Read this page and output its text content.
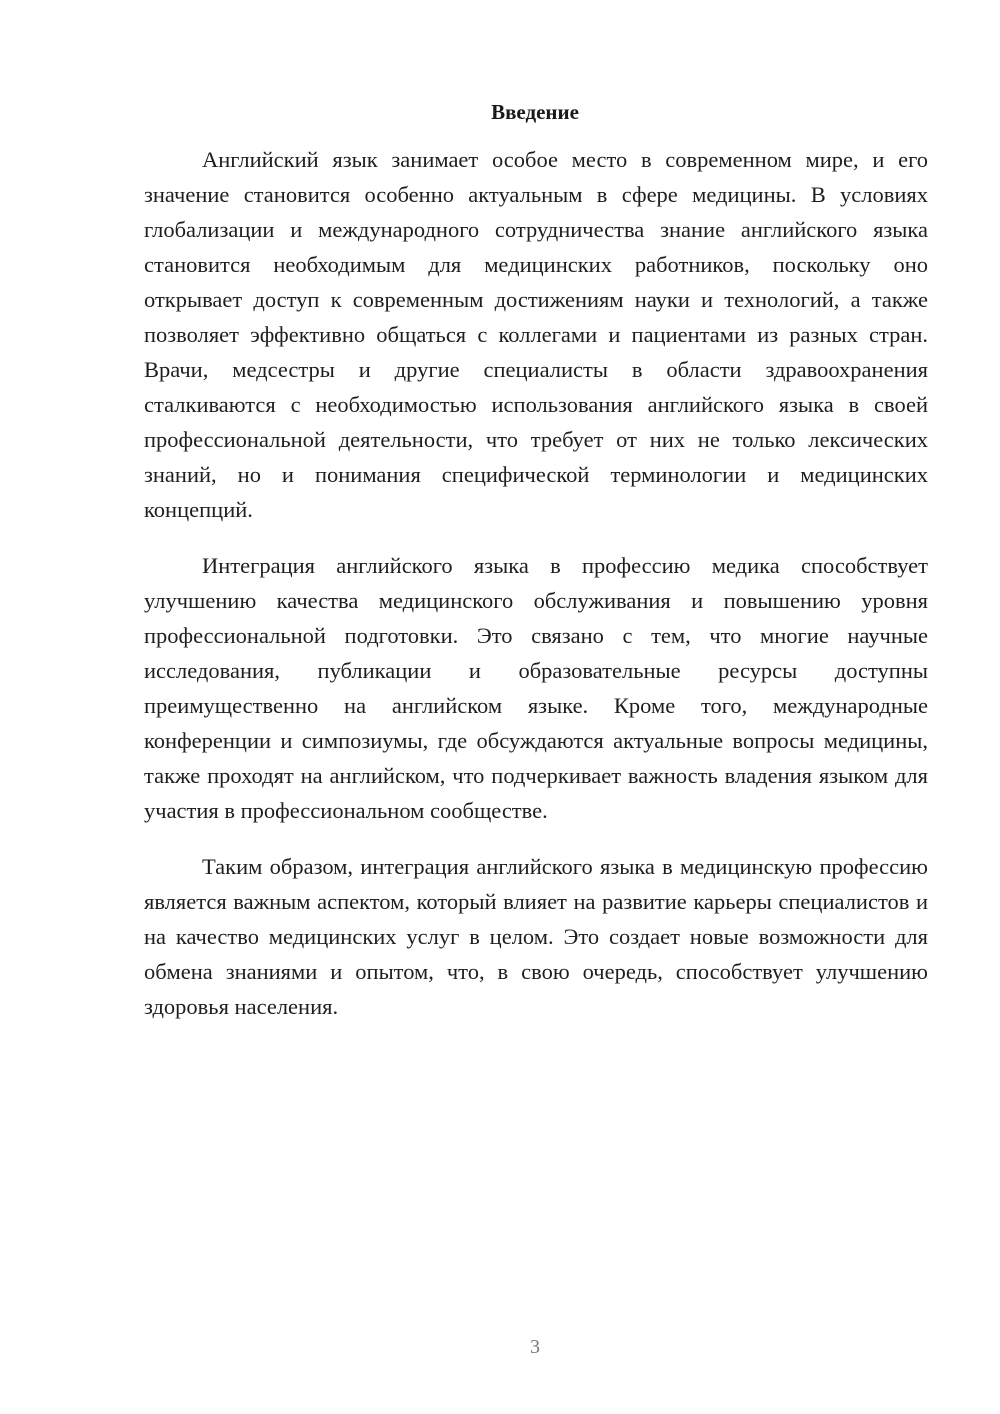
Введение

Английский язык занимает особое место в современном мире, и его значение становится особенно актуальным в сфере медицины. В условиях глобализации и международного сотрудничества знание английского языка становится необходимым для медицинских работников, поскольку оно открывает доступ к современным достижениям науки и технологий, а также позволяет эффективно общаться с коллегами и пациентами из разных стран. Врачи, медсестры и другие специалисты в области здравоохранения сталкиваются с необходимостью использования английского языка в своей профессиональной деятельности, что требует от них не только лексических знаний, но и понимания специфической терминологии и медицинских концепций.

Интеграция английского языка в профессию медика способствует улучшению качества медицинского обслуживания и повышению уровня профессиональной подготовки. Это связано с тем, что многие научные исследования, публикации и образовательные ресурсы доступны преимущественно на английском языке. Кроме того, международные конференции и симпозиумы, где обсуждаются актуальные вопросы медицины, также проходят на английском, что подчеркивает важность владения языком для участия в профессиональном сообществе.

Таким образом, интеграция английского языка в медицинскую профессию является важным аспектом, который влияет на развитие карьеры специалистов и на качество медицинских услуг в целом. Это создает новые возможности для обмена знаниями и опытом, что, в свою очередь, способствует улучшению здоровья населения.

3
